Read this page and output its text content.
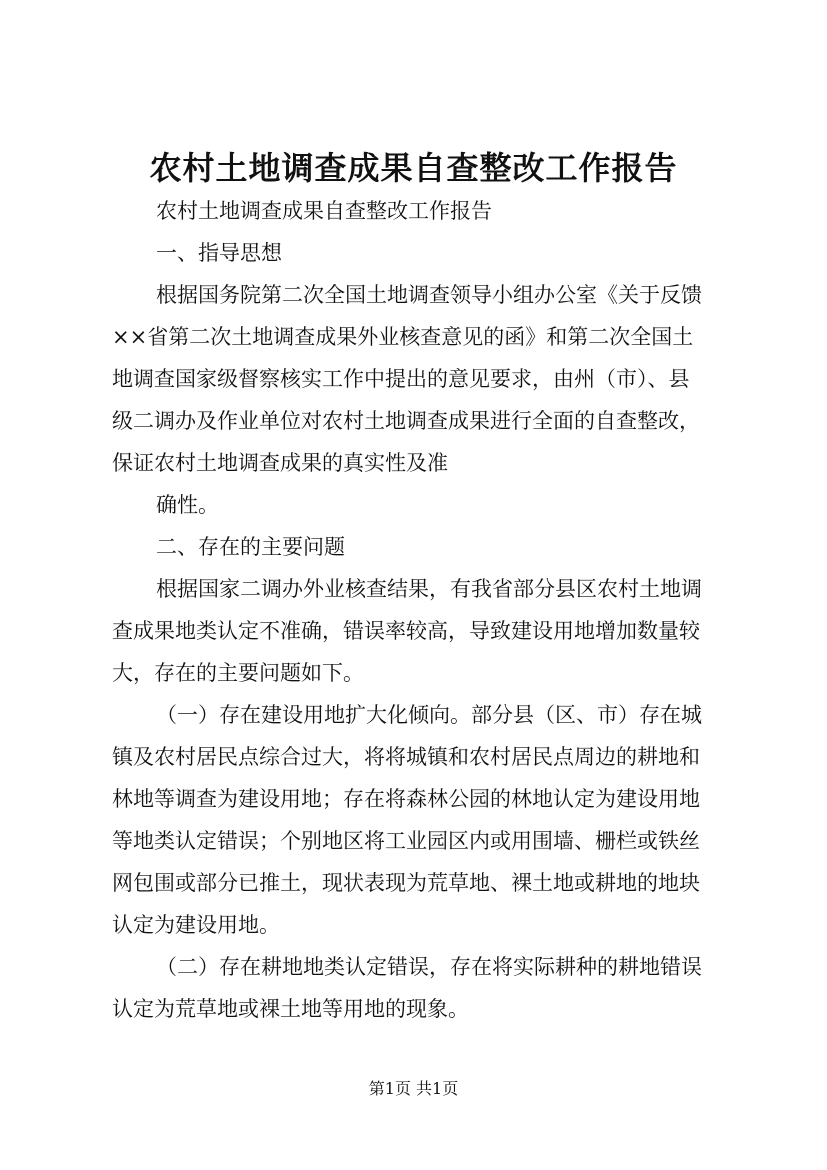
农村土地调查成果自查整改工作报告

农村土地调查成果自查整改工作报告

一、指导思想

根据国务院第二次全国土地调查领导小组办公室《关于反馈

××省第二次土地调查成果外业核查意见的函》和第二次全国土

地调查国家级督察核实工作中提出的意见要求，由州（市）、县

级二调办及作业单位对农村土地调查成果进行全面的自查整改，

保证农村土地调查成果的真实性及准

确性。

二、存在的主要问题

根据国家二调办外业核查结果，有我省部分县区农村土地调

查成果地类认定不准确，错误率较高，导致建设用地增加数量较

大，存在的主要问题如下。

（一）存在建设用地扩大化倾向。部分县（区、市）存在城

镇及农村居民点综合过大，将将城镇和农村居民点周边的耕地和

林地等调查为建设用地；存在将森林公园的林地认定为建设用地

等地类认定错误；个别地区将工业园区内或用围墙、栅栏或铁丝

网包围或部分已推土，现状表现为荒草地、裸土地或耕地的地块

认定为建设用地。

（二）存在耕地地类认定错误，存在将实际耕种的耕地错误

认定为荒草地或裸土地等用地的现象。

第1页 共1页
